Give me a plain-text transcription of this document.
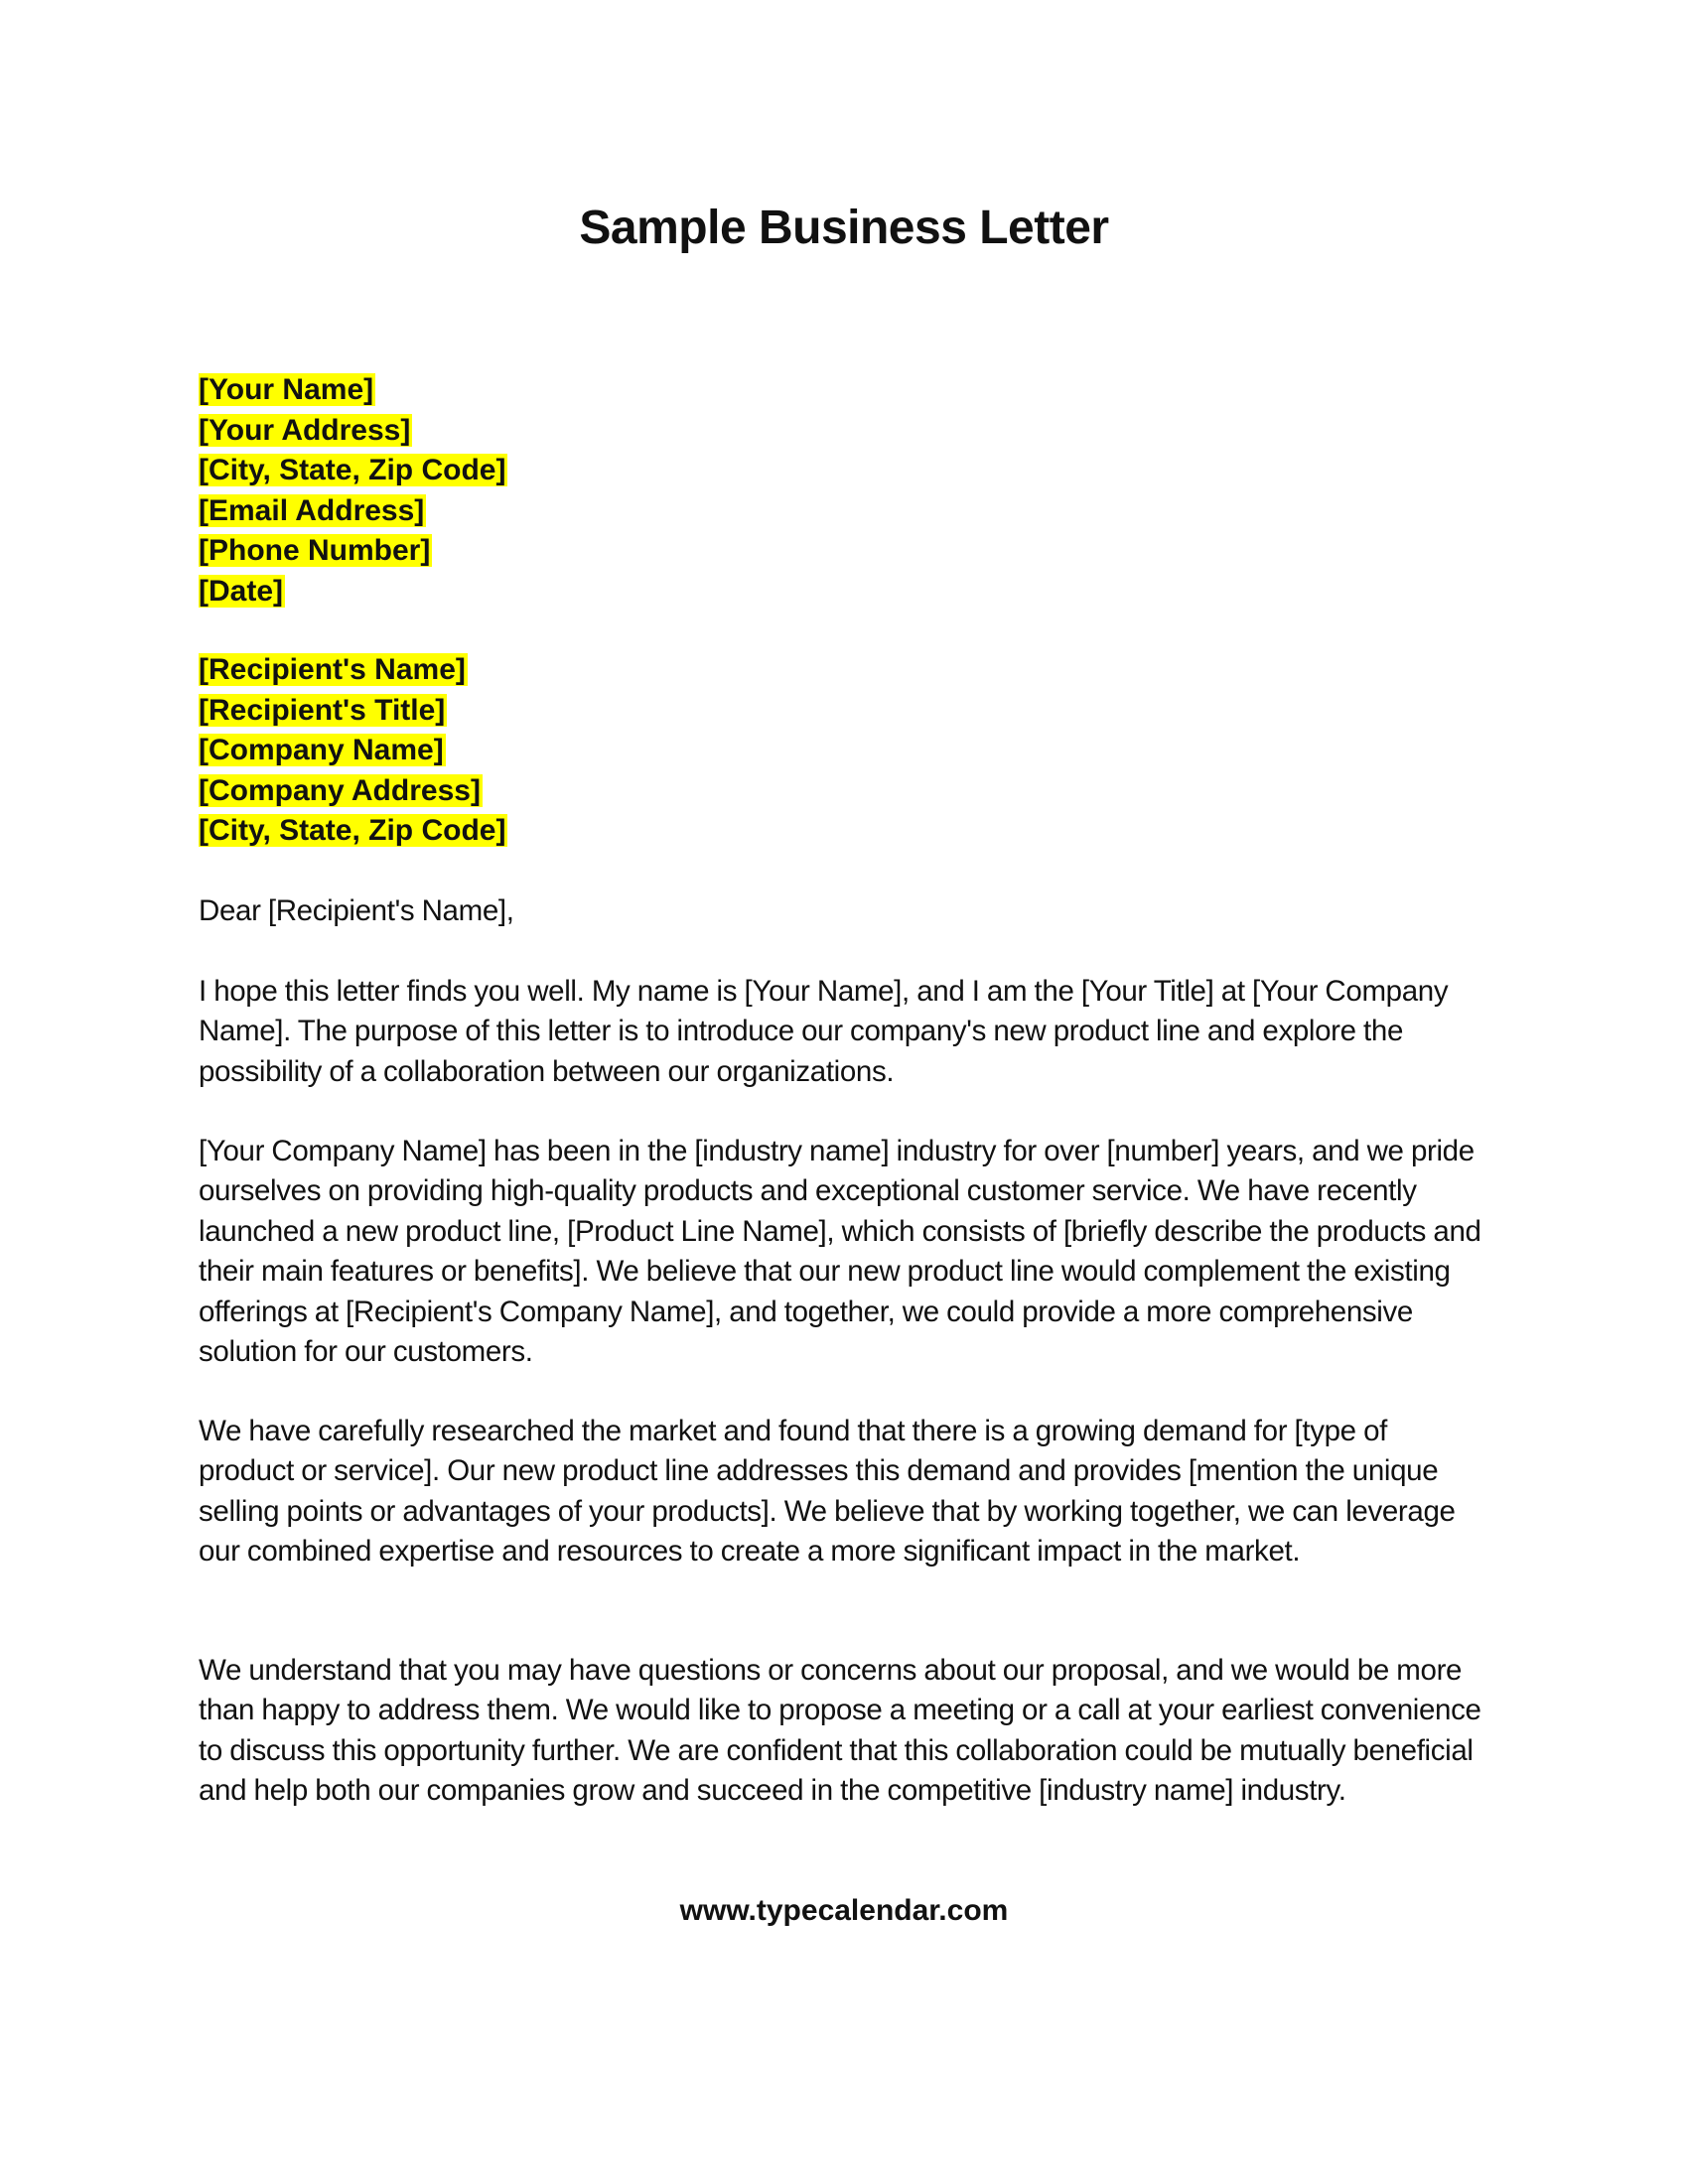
Sample Business Letter
[Your Name]
[Your Address]
[City, State, Zip Code]
[Email Address]
[Phone Number]
[Date]
[Recipient's Name]
[Recipient's Title]
[Company Name]
[Company Address]
[City, State, Zip Code]
Dear [Recipient's Name],
I hope this letter finds you well. My name is [Your Name], and I am the [Your Title] at [Your Company Name]. The purpose of this letter is to introduce our company's new product line and explore the possibility of a collaboration between our organizations.
[Your Company Name] has been in the [industry name] industry for over [number] years, and we pride ourselves on providing high-quality products and exceptional customer service. We have recently launched a new product line, [Product Line Name], which consists of [briefly describe the products and their main features or benefits]. We believe that our new product line would complement the existing offerings at [Recipient's Company Name], and together, we could provide a more comprehensive solution for our customers.
We have carefully researched the market and found that there is a growing demand for [type of product or service]. Our new product line addresses this demand and provides [mention the unique selling points or advantages of your products]. We believe that by working together, we can leverage our combined expertise and resources to create a more significant impact in the market.
We understand that you may have questions or concerns about our proposal, and we would be more than happy to address them. We would like to propose a meeting or a call at your earliest convenience to discuss this opportunity further. We are confident that this collaboration could be mutually beneficial and help both our companies grow and succeed in the competitive [industry name] industry.
www.typecalendar.com
